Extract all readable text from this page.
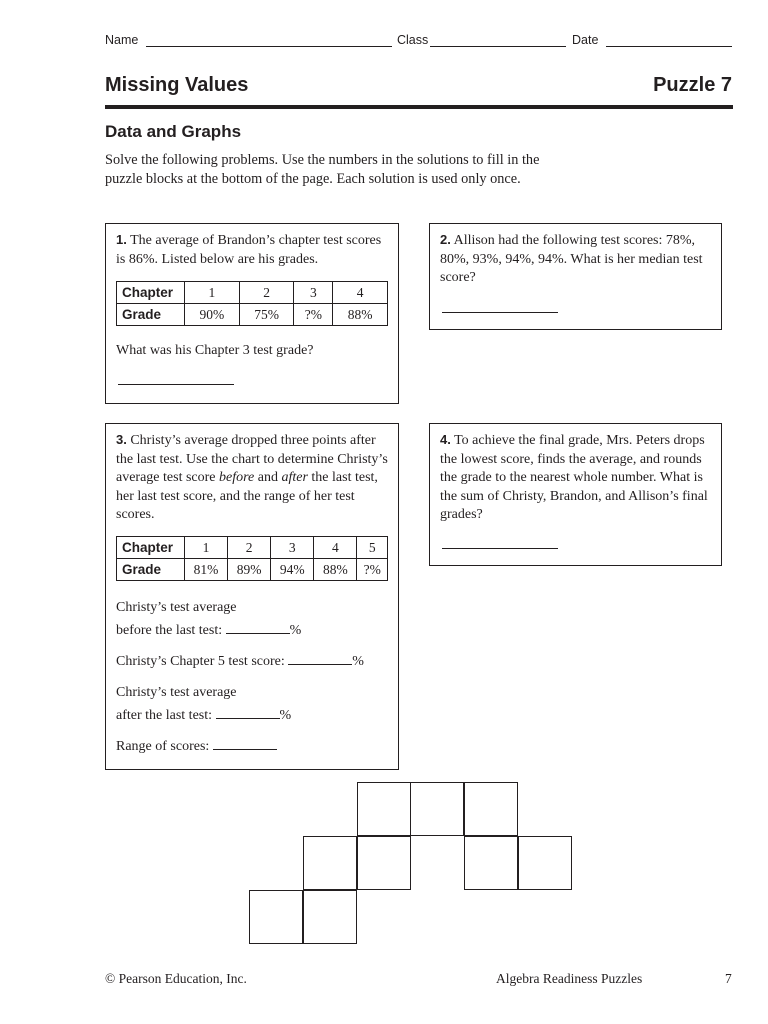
Name	Class	Date
Missing Values	Puzzle 7
Data and Graphs
Solve the following problems. Use the numbers in the solutions to fill in the puzzle blocks at the bottom of the page. Each solution is used only once.
1. The average of Brandon’s chapter test scores is 86%. Listed below are his grades.
Chapter	1	2	3	4
Grade	90%	75%	?%	88%
What was his Chapter 3 test grade?
2. Allison had the following test scores: 78%, 80%, 93%, 94%, 94%. What is her median test score?
3. Christy’s average dropped three points after the last test. Use the chart to determine Christy’s average test score before and after the last test, her last test score, and the range of her test scores.
Chapter	1	2	3	4	5
Grade	81%	89%	94%	88%	?%
Christy’s test average
before the last test:	%
Christy’s Chapter 5 test score:	%
Christy’s test average
after the last test:	%
Range of scores:
4. To achieve the final grade, Mrs. Peters drops the lowest score, finds the average, and rounds the grade to the nearest whole number. What is the sum of Christy, Brandon, and Allison’s final grades?
© Pearson Education, Inc.	Algebra Readiness Puzzles	7
